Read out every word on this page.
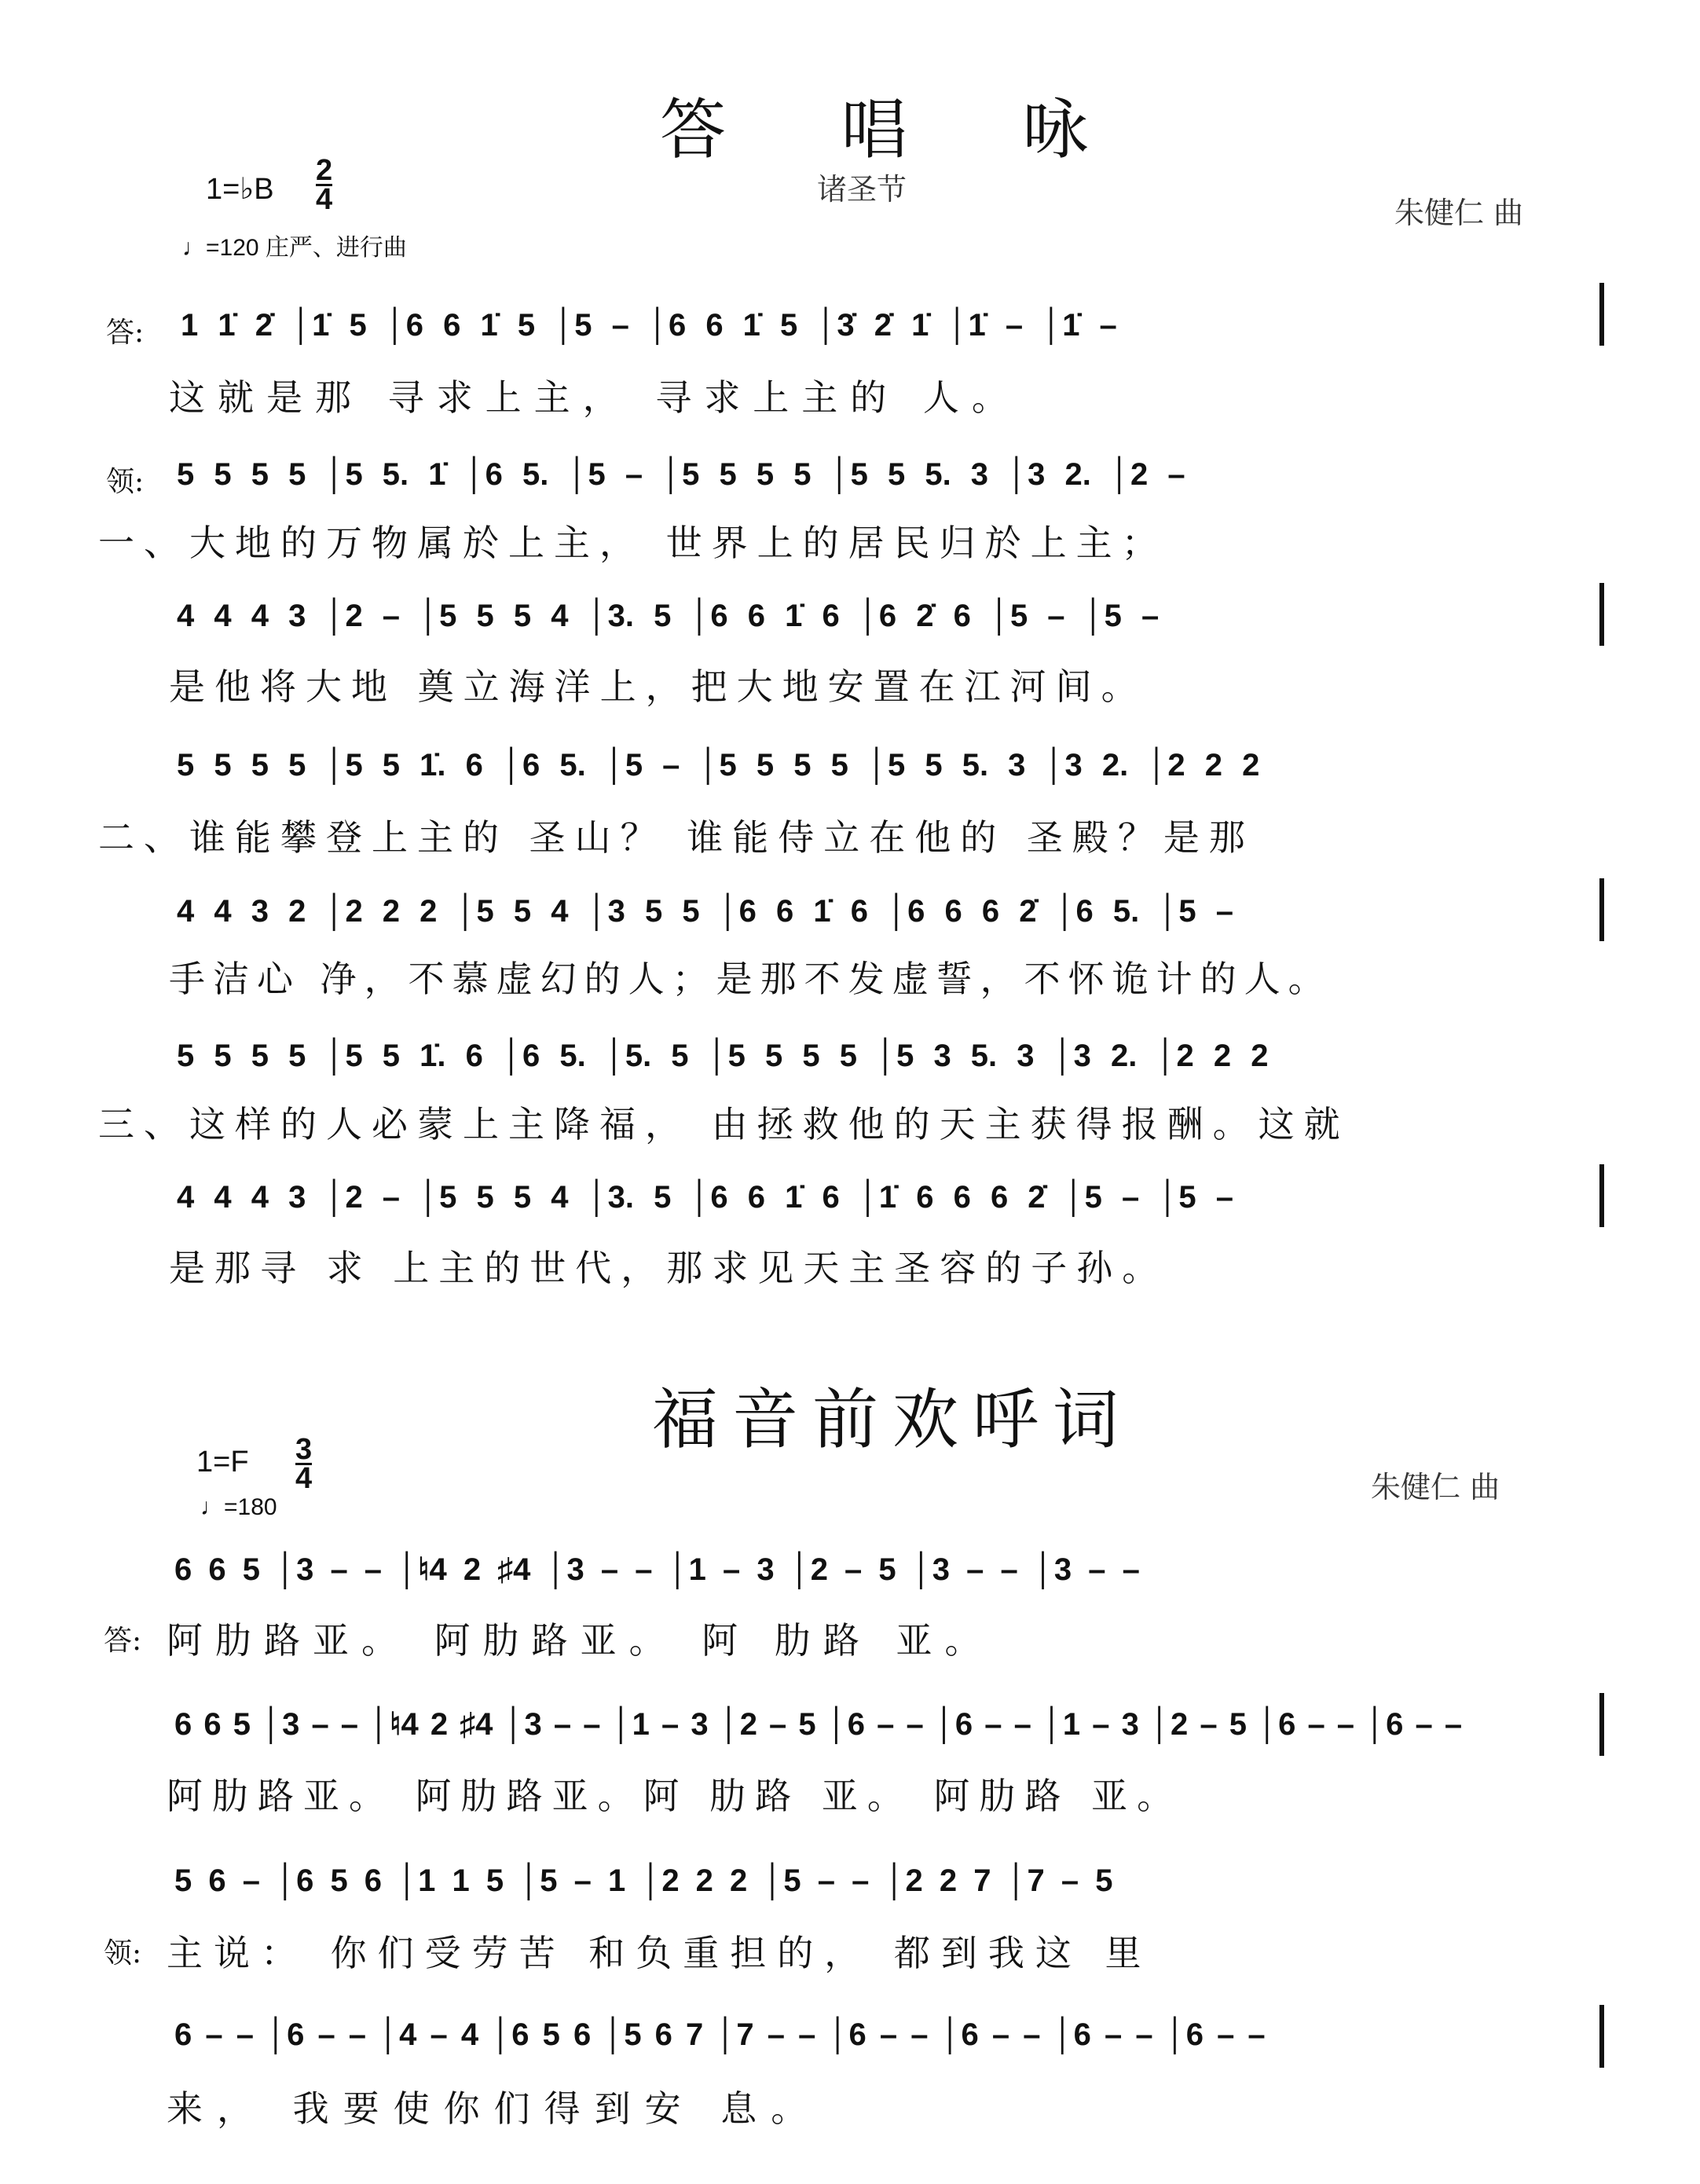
答 唱 咏
1=♭B $\frac{2}{4}$
♩=120 庄严、进行曲
诸圣节
朱健仁 曲
答: 1 1̇ 2̇ │1̇ 5 │6 6 1̇ 5 │5 – │6 6 1̇ 5 │3̇ 2̇ 1̇ │1̇ – │1̇ –
这就是那 寻求上主， 寻求上主的 人。
领: 5 5 5 5 │5 5. 1̇ │6 5. │5 – │5 5 5 5 │5 5 5. 3 │3 2. │2 –
一、大地的万物属於上主， 世界上的居民归於上主；
4 4 4 3 │2 – │5 5 5 4 │3. 5 │6 6 1̇ 6 │6 2̇ 6 │5 – │5 –
是他将大地 奠立海洋上，把大地安置在江河间。
5 5 5 5 │5 5 1̇. 6 │6 5. │5 – │5 5 5 5 │5 5 5. 3 │3 2. │2 2 2
二、谁能攀登上主的 圣山？ 谁能侍立在他的 圣殿？是那
4 4 3 2 │2 2 2 │5 5 4 │3 5 5 │6 6 1̇ 6 │6 6 6 2̇ │6 5. │5 –
手洁心 净，不慕虚幻的人；是那不发虚誓，不怀诡计的人。
5 5 5 5 │5 5 1̇. 6 │6 5. │5. 5 │5 5 5 5 │5 3 5. 3 │3 2. │2 2 2
三、这样的人必蒙上主降福， 由拯救他的天主获得报酬。这就
4 4 4 3 │2 – │5 5 5 4 │3. 5 │6 6 1̇ 6 │1̇ 6 6 6 2̇ │5 – │5 –
是那寻 求 上主的世代，那求见天主圣容的子孙。
福音前欢呼词
$1=F \frac{3}{4}$
♩=180
朱健仁 曲
6 6 5 │3 – – │♮4 2 ♯4 │3 – – │1 – 3 │2 – 5 │3 – – │3 – –
答: 阿肋路亚。 阿肋路亚。 阿 肋路 亚。
6 6 5 │3 – – │♮4 2 ♯4 │3 – – │1 – 3 │2 – 5 │6 – – │6 – – │1 – 3 │2 – 5 │6 – – │6 – –
阿肋路亚。 阿肋路亚。阿 肋路 亚。 阿肋路 亚。
5 6 – │6 5 6 │1 1 5 │5 – 1 │2 2 2 │5 – – │2 2 7 │7 – 5
领: 主说： 你们受劳苦 和负重担的， 都到我这 里
6 – – │6 – – │4 – 4 │6 5 6 │5 6 7 │7 – – │6 – – │6 – – │6 – – │6 – –
来， 我要使你们得到安 息。
